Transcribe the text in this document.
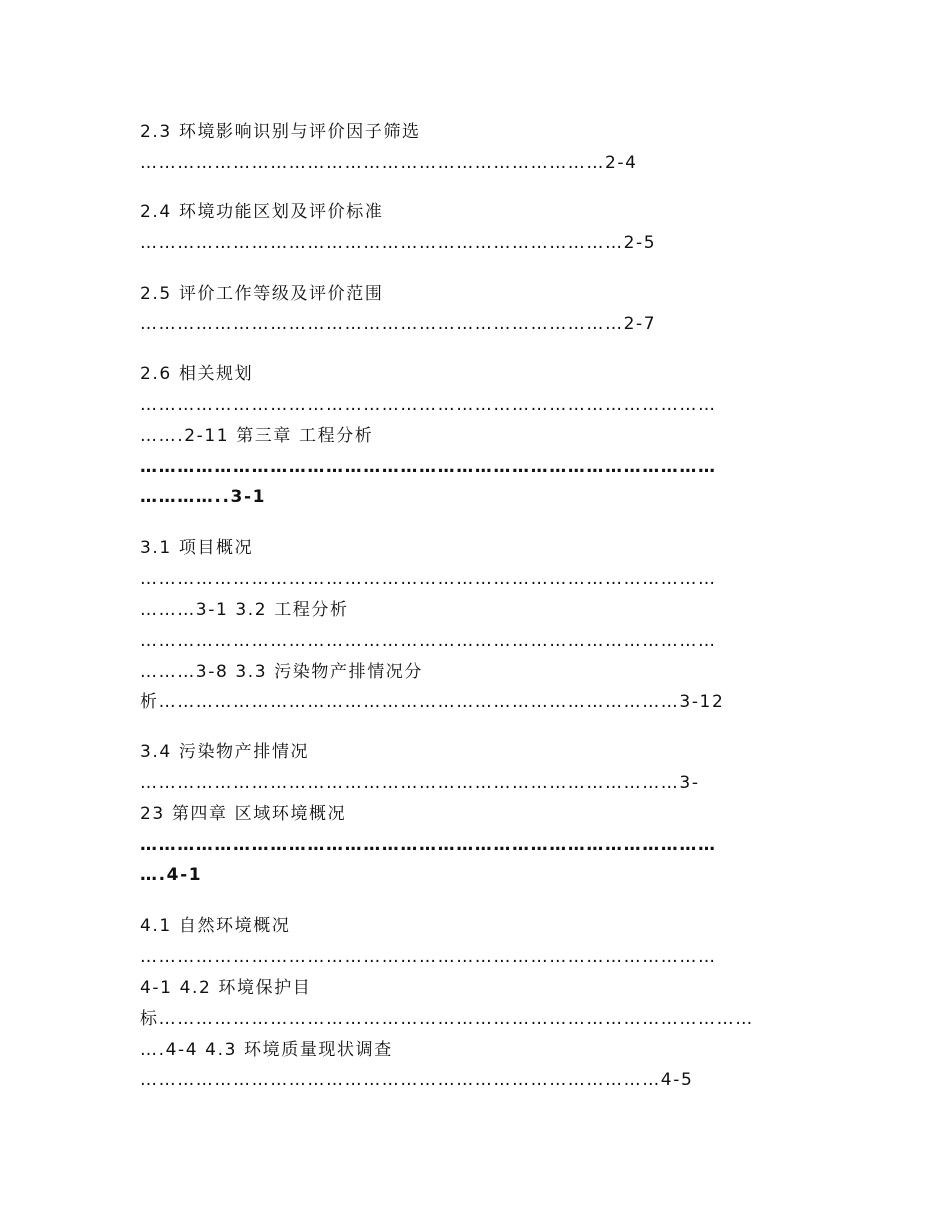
2.3 环境影响识别与评价因子筛选
…………………………………………………………………2-4
2.4 环境功能区划及评价标准
……………………………………………………………………2-5
2.5 评价工作等级及评价范围
……………………………………………………………………2-7
2.6 相关规划
…………………………………………………………………………………
…….2-11 第三章 工程分析
…………………………………………………………………………………
…………..3-1
3.1 项目概况
…………………………………………………………………………………
………3-1 3.2 工程分析
…………………………………………………………………………………
………3-8 3.3 污染物产排情况分
析…………………………………………………………………………3-12
3.4 污染物产排情况
……………………………………………………………………………3-
23 第四章 区域环境概况
…………………………………………………………………………………
….4-1
4.1 自然环境概况
…………………………………………………………………………………
4-1 4.2 环境保护目
标……………………………………………………………………………………
….4-4 4.3 环境质量现状调查
…………………………………………………………………………4-5
